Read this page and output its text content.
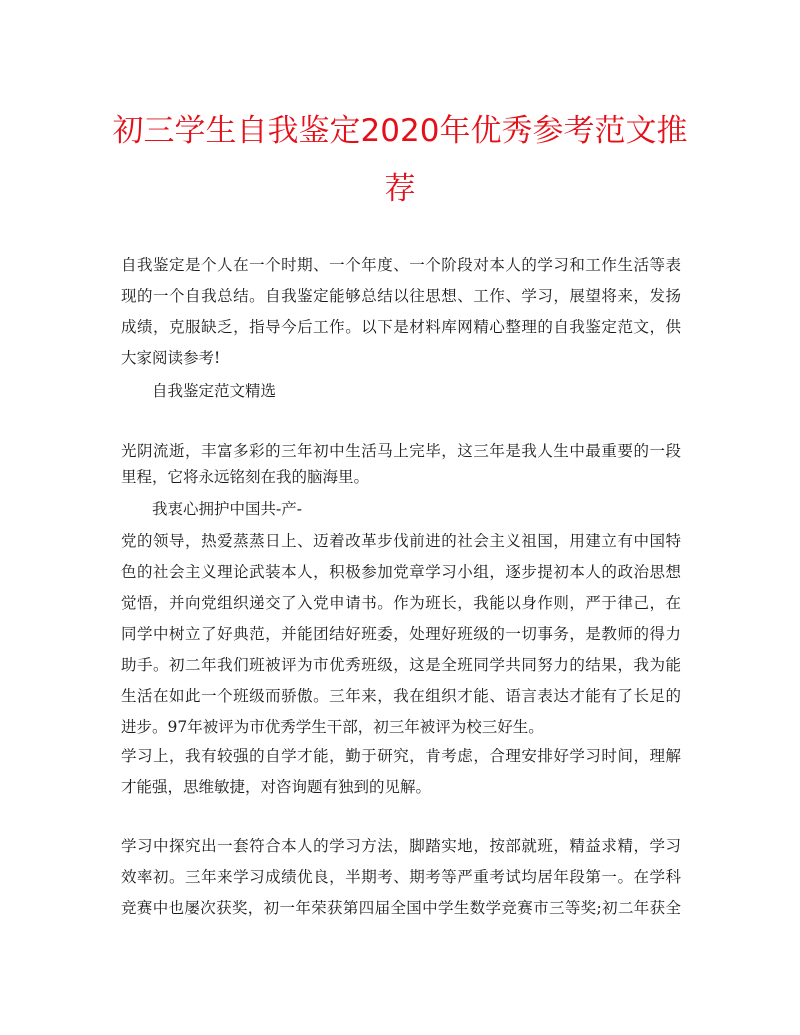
初三学生自我鉴定2020年优秀参考范文推
荐
自我鉴定是个人在一个时期、一个年度、一个阶段对本人的学习和工作生活等表
现的一个自我总结。自我鉴定能够总结以往思想、工作、学习，展望将来，发扬
成绩，克服缺乏，指导今后工作。以下是材料库网精心整理的自我鉴定范文，供
大家阅读参考!
自我鉴定范文精选
光阴流逝，丰富多彩的三年初中生活马上完毕，这三年是我人生中最重要的一段
里程，它将永远铭刻在我的脑海里。
我衷心拥护中国共-产-
党的领导，热爱蒸蒸日上、迈着改革步伐前进的社会主义祖国，用建立有中国特
色的社会主义理论武装本人，积极参加党章学习小组，逐步提初本人的政治思想
觉悟，并向党组织递交了入党申请书。作为班长，我能以身作则，严于律己，在
同学中树立了好典范，并能团结好班委，处理好班级的一切事务，是教师的得力
助手。初二年我们班被评为市优秀班级，这是全班同学共同努力的结果，我为能
生活在如此一个班级而骄傲。三年来，我在组织才能、语言表达才能有了长足的
进步。97年被评为市优秀学生干部，初三年被评为校三好生。
学习上，我有较强的自学才能，勤于研究，肯考虑，合理安排好学习时间，理解
才能强，思维敏捷，对咨询题有独到的见解。
学习中探究出一套符合本人的学习方法，脚踏实地，按部就班，精益求精，学习
效率初。三年来学习成绩优良，半期考、期考等严重考试均居年段第一。在学科
竞赛中也屡次获奖，初一年荣获第四届全国中学生数学竞赛市三等奖;初二年获全
